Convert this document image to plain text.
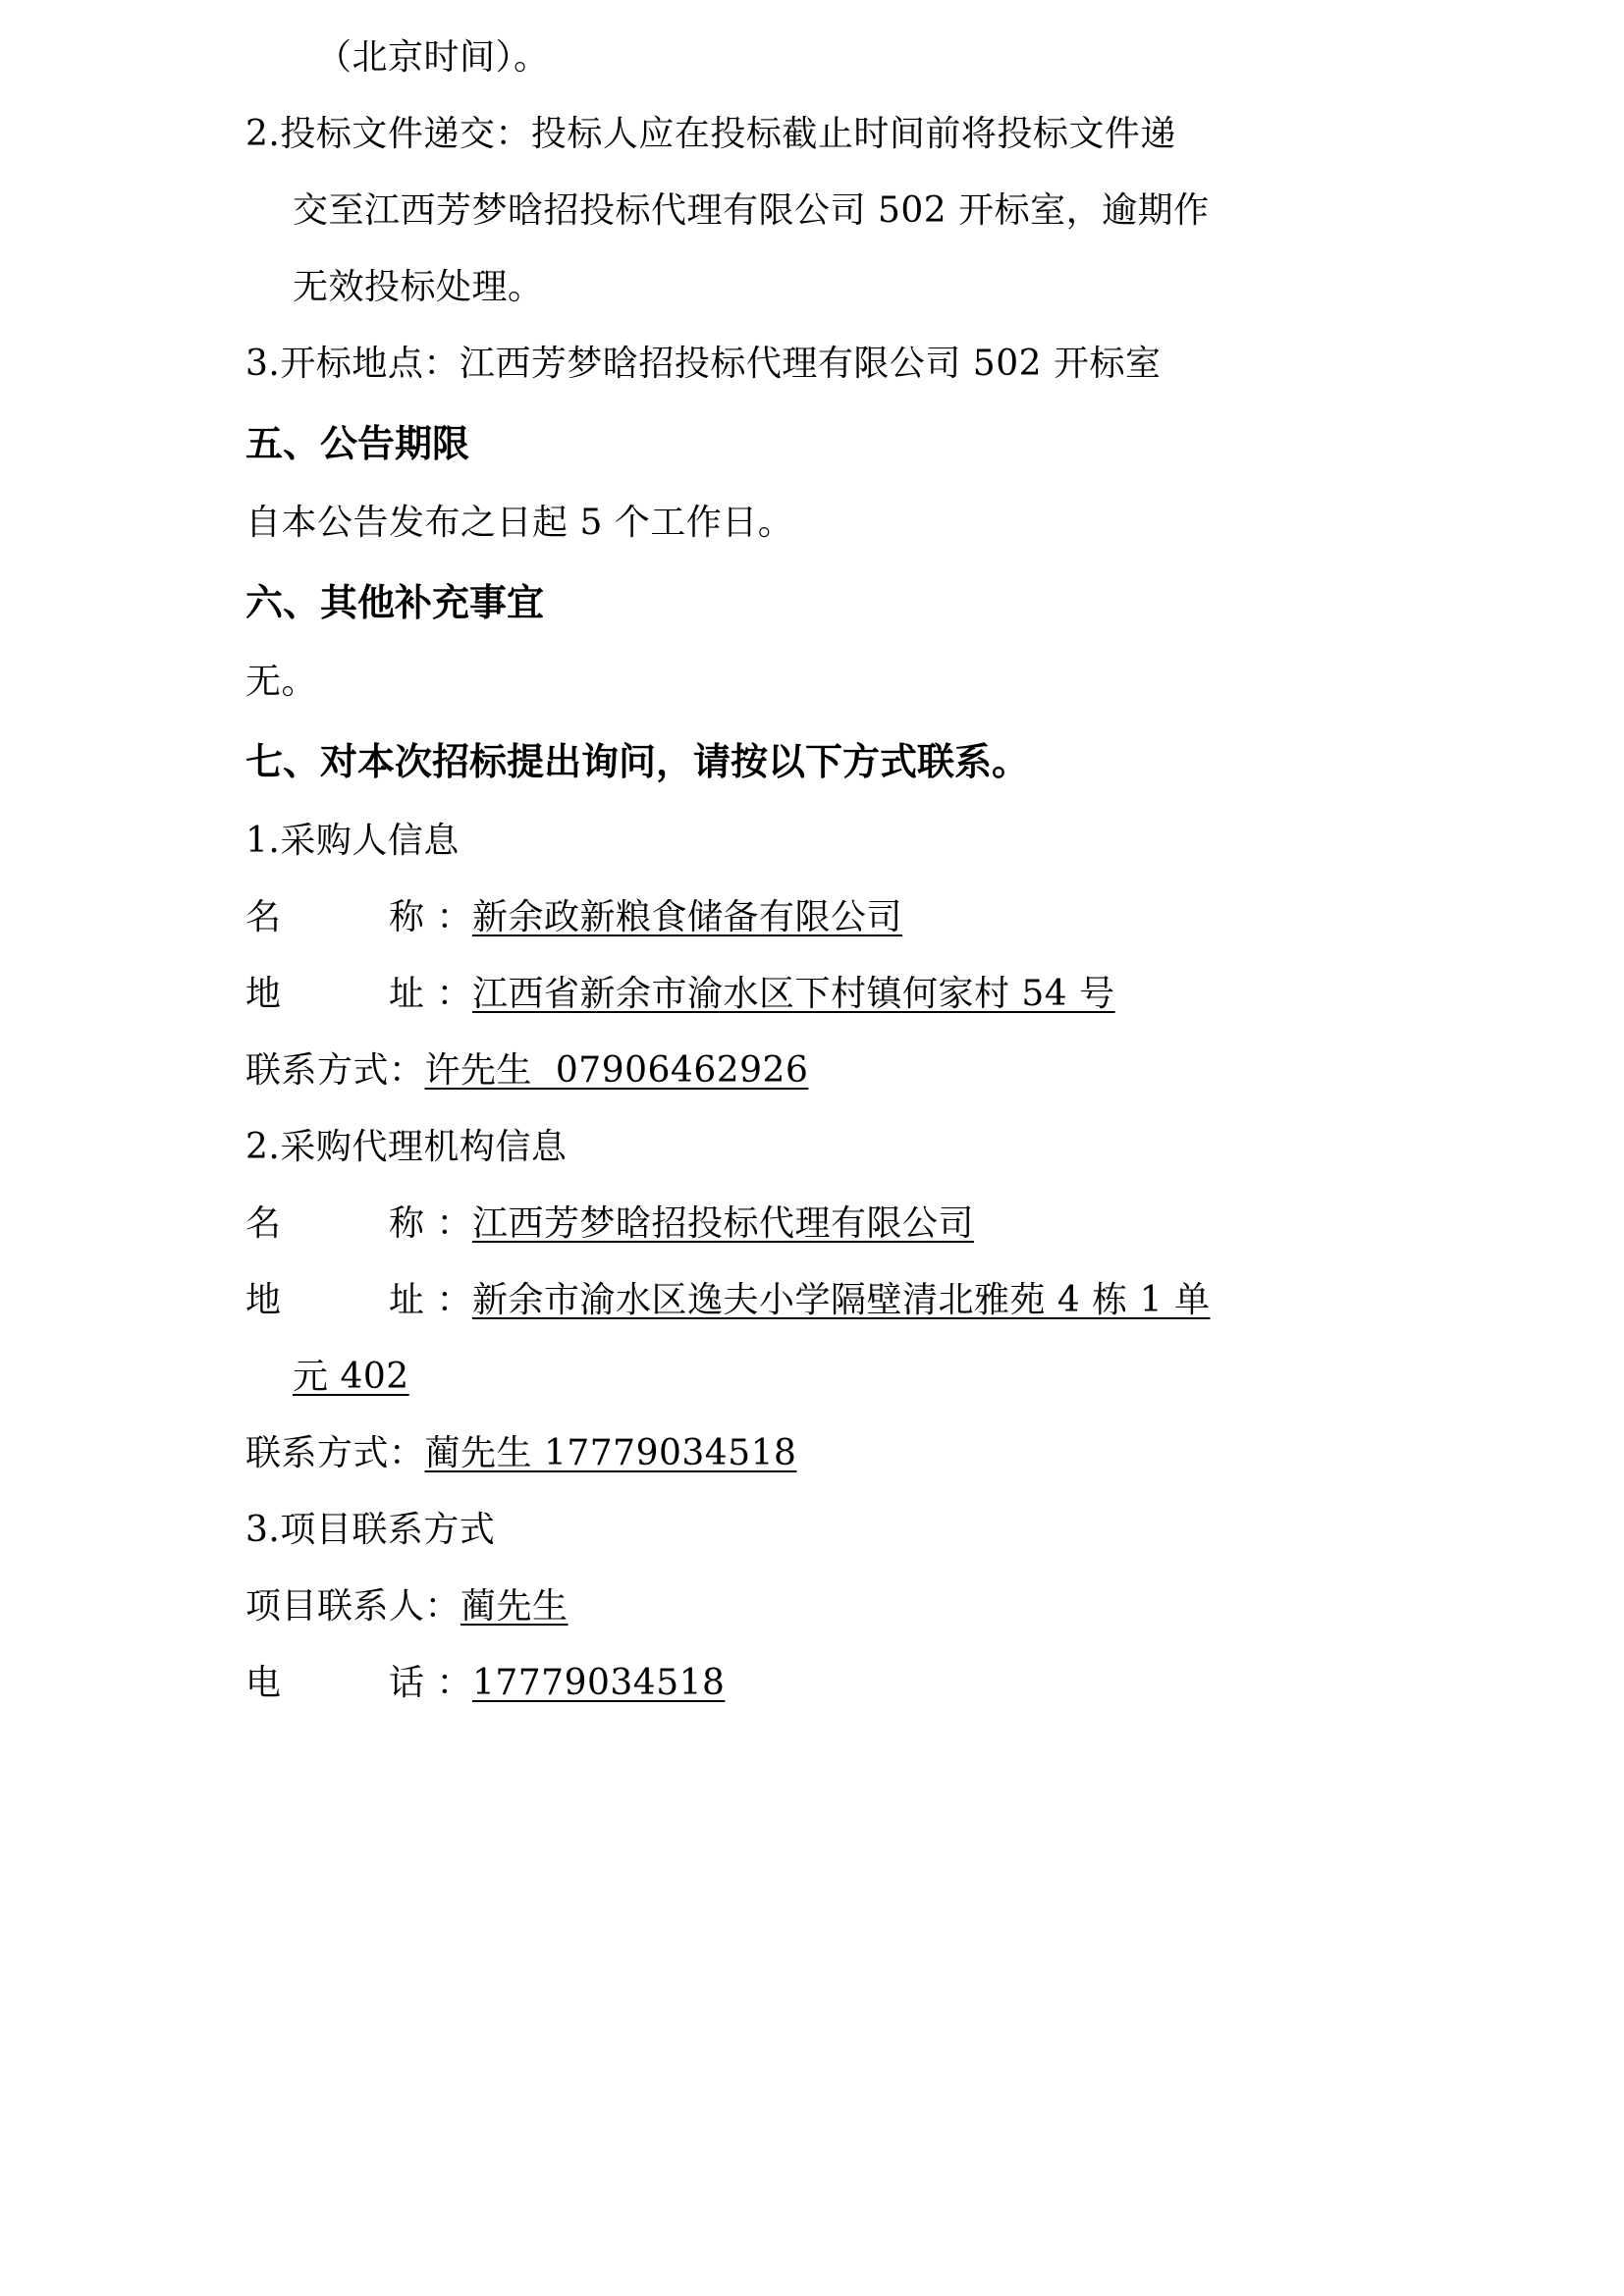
（北京时间）。
2.投标文件递交：投标人应在投标截止时间前将投标文件递
交至江西芳梦晗招投标代理有限公司 502 开标室，逾期作
无效投标处理。
3.开标地点：江西芳梦晗招投标代理有限公司 502 开标室
五、公告期限
自本公告发布之日起 5 个工作日。
六、其他补充事宜
无。
七、对本次招标提出询问，请按以下方式联系。
1.采购人信息
名　　　称 ：新余政新粮食储备有限公司
地　　　址 ：江西省新余市渝水区下村镇何家村 54 号
联系方式：许先生  07906462926
2.采购代理机构信息
名　　　称 ：江西芳梦晗招投标代理有限公司
地　　　址 ：新余市渝水区逸夫小学隔壁清北雅苑 4 栋 1 单
元 402
联系方式：蔺先生 17779034518
3.项目联系方式
项目联系人：蔺先生
电　　　话 ：17779034518
